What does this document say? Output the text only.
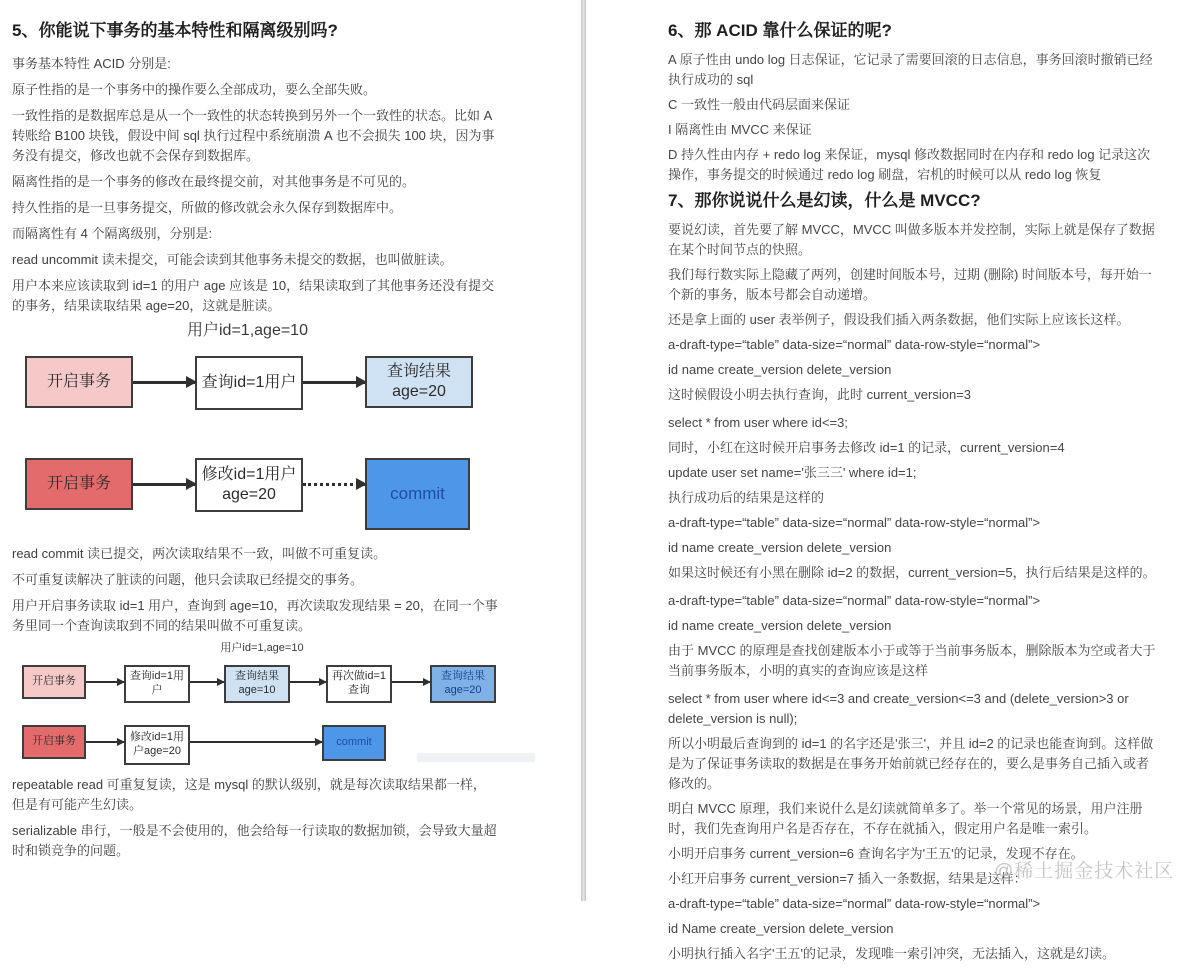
5、你能说下事务的基本特性和隔离级别吗?

事务基本特性 ACID 分别是:

原子性指的是一个事务中的操作要么全部成功，要么全部失败。

一致性指的是数据库总是从一个一致性的状态转换到另外一个一致性的状态。比如 A 转账给 B100 块钱，假设中间 sql 执行过程中系统崩溃 A 也不会损失 100 块，因为事务没有提交，修改也就不会保存到数据库。

隔离性指的是一个事务的修改在最终提交前，对其他事务是不可见的。

持久性指的是一旦事务提交，所做的修改就会永久保存到数据库中。

而隔离性有 4 个隔离级别，分别是:

read uncommit 读未提交，可能会读到其他事务未提交的数据，也叫做脏读。

用户本来应该读取到 id=1 的用户 age 应该是 10，结果读取到了其他事务还没有提交的事务，结果读取结果 age=20，这就是脏读。

用户id=1,age=10
开启事务	查询id=1用户
查询结果 age=20
开启事务
修改id=1用户age=20	commit

read commit 读已提交，两次读取结果不一致，叫做不可重复读。

不可重复读解决了脏读的问题，他只会读取已经提交的事务。

用户开启事务读取 id=1 用户，查询到 age=10，再次读取发现结果 = 20，在同一个事务里同一个查询读取到不同的结果叫做不可重复读。

用户id=1,age=10
开启事务	查询id=1用户
查询结果 age=10
再次做id=1 查询
查询结果 age=20
开启事务	修改id=1用户age=20
commit

repeatable read 可重复复读，这是 mysql 的默认级别，就是每次读取结果都一样，但是有可能产生幻读。

serializable 串行，一般是不会使用的，他会给每一行读取的数据加锁，会导致大量超时和锁竞争的问题。

6、那 ACID 靠什么保证的呢?

A 原子性由 undo log 日志保证，它记录了需要回滚的日志信息，事务回滚时撤销已经执行成功的 sql

C 一致性一般由代码层面来保证

I 隔离性由 MVCC 来保证

D 持久性由内存 + redo log 来保证，mysql 修改数据同时在内存和 redo log 记录这次操作，事务提交的时候通过 redo log 刷盘，宕机的时候可以从 redo log 恢复

7、那你说说什么是幻读，什么是 MVCC?

要说幻读，首先要了解 MVCC，MVCC 叫做多版本并发控制，实际上就是保存了数据在某个时间节点的快照。

我们每行数实际上隐藏了两列，创建时间版本号，过期 (删除) 时间版本号，每开始一个新的事务，版本号都会自动递增。

还是拿上面的 user 表举例子，假设我们插入两条数据，他们实际上应该长这样。

a-draft-type=“table” data-size=“normal” data-row-style=“normal”>

id name create_version delete_version

这时候假设小明去执行查询，此时 current_version=3

select * from user where id<=3;

同时，小红在这时候开启事务去修改 id=1 的记录，current_version=4

update user set name='张三三' where id=1;

执行成功后的结果是这样的

a-draft-type=“table” data-size=“normal” data-row-style=“normal”>

id name create_version delete_version

如果这时候还有小黑在删除 id=2 的数据，current_version=5，执行后结果是这样的。

a-draft-type=“table” data-size=“normal” data-row-style=“normal”>

id name create_version delete_version

由于 MVCC 的原理是查找创建版本小于或等于当前事务版本，删除版本为空或者大于当前事务版本，小明的真实的查询应该是这样

select * from user where id<=3 and create_version<=3 and (delete_version>3 or delete_version is null);

所以小明最后查询到的 id=1 的名字还是'张三'，并且 id=2 的记录也能查询到。这样做是为了保证事务读取的数据是在事务开始前就已经存在的，要么是事务自己插入或者修改的。

明白 MVCC 原理，我们来说什么是幻读就简单多了。举一个常见的场景，用户注册时，我们先查询用户名是否存在，不存在就插入，假定用户名是唯一索引。

小明开启事务 current_version=6 查询名字为'王五'的记录，发现不存在。

小红开启事务 current_version=7 插入一条数据，结果是这样：

a-draft-type=“table” data-size=“normal” data-row-style=“normal”>

id Name create_version delete_version

小明执行插入名字'王五'的记录，发现唯一索引冲突，无法插入，这就是幻读。

@稀土掘金技术社区
